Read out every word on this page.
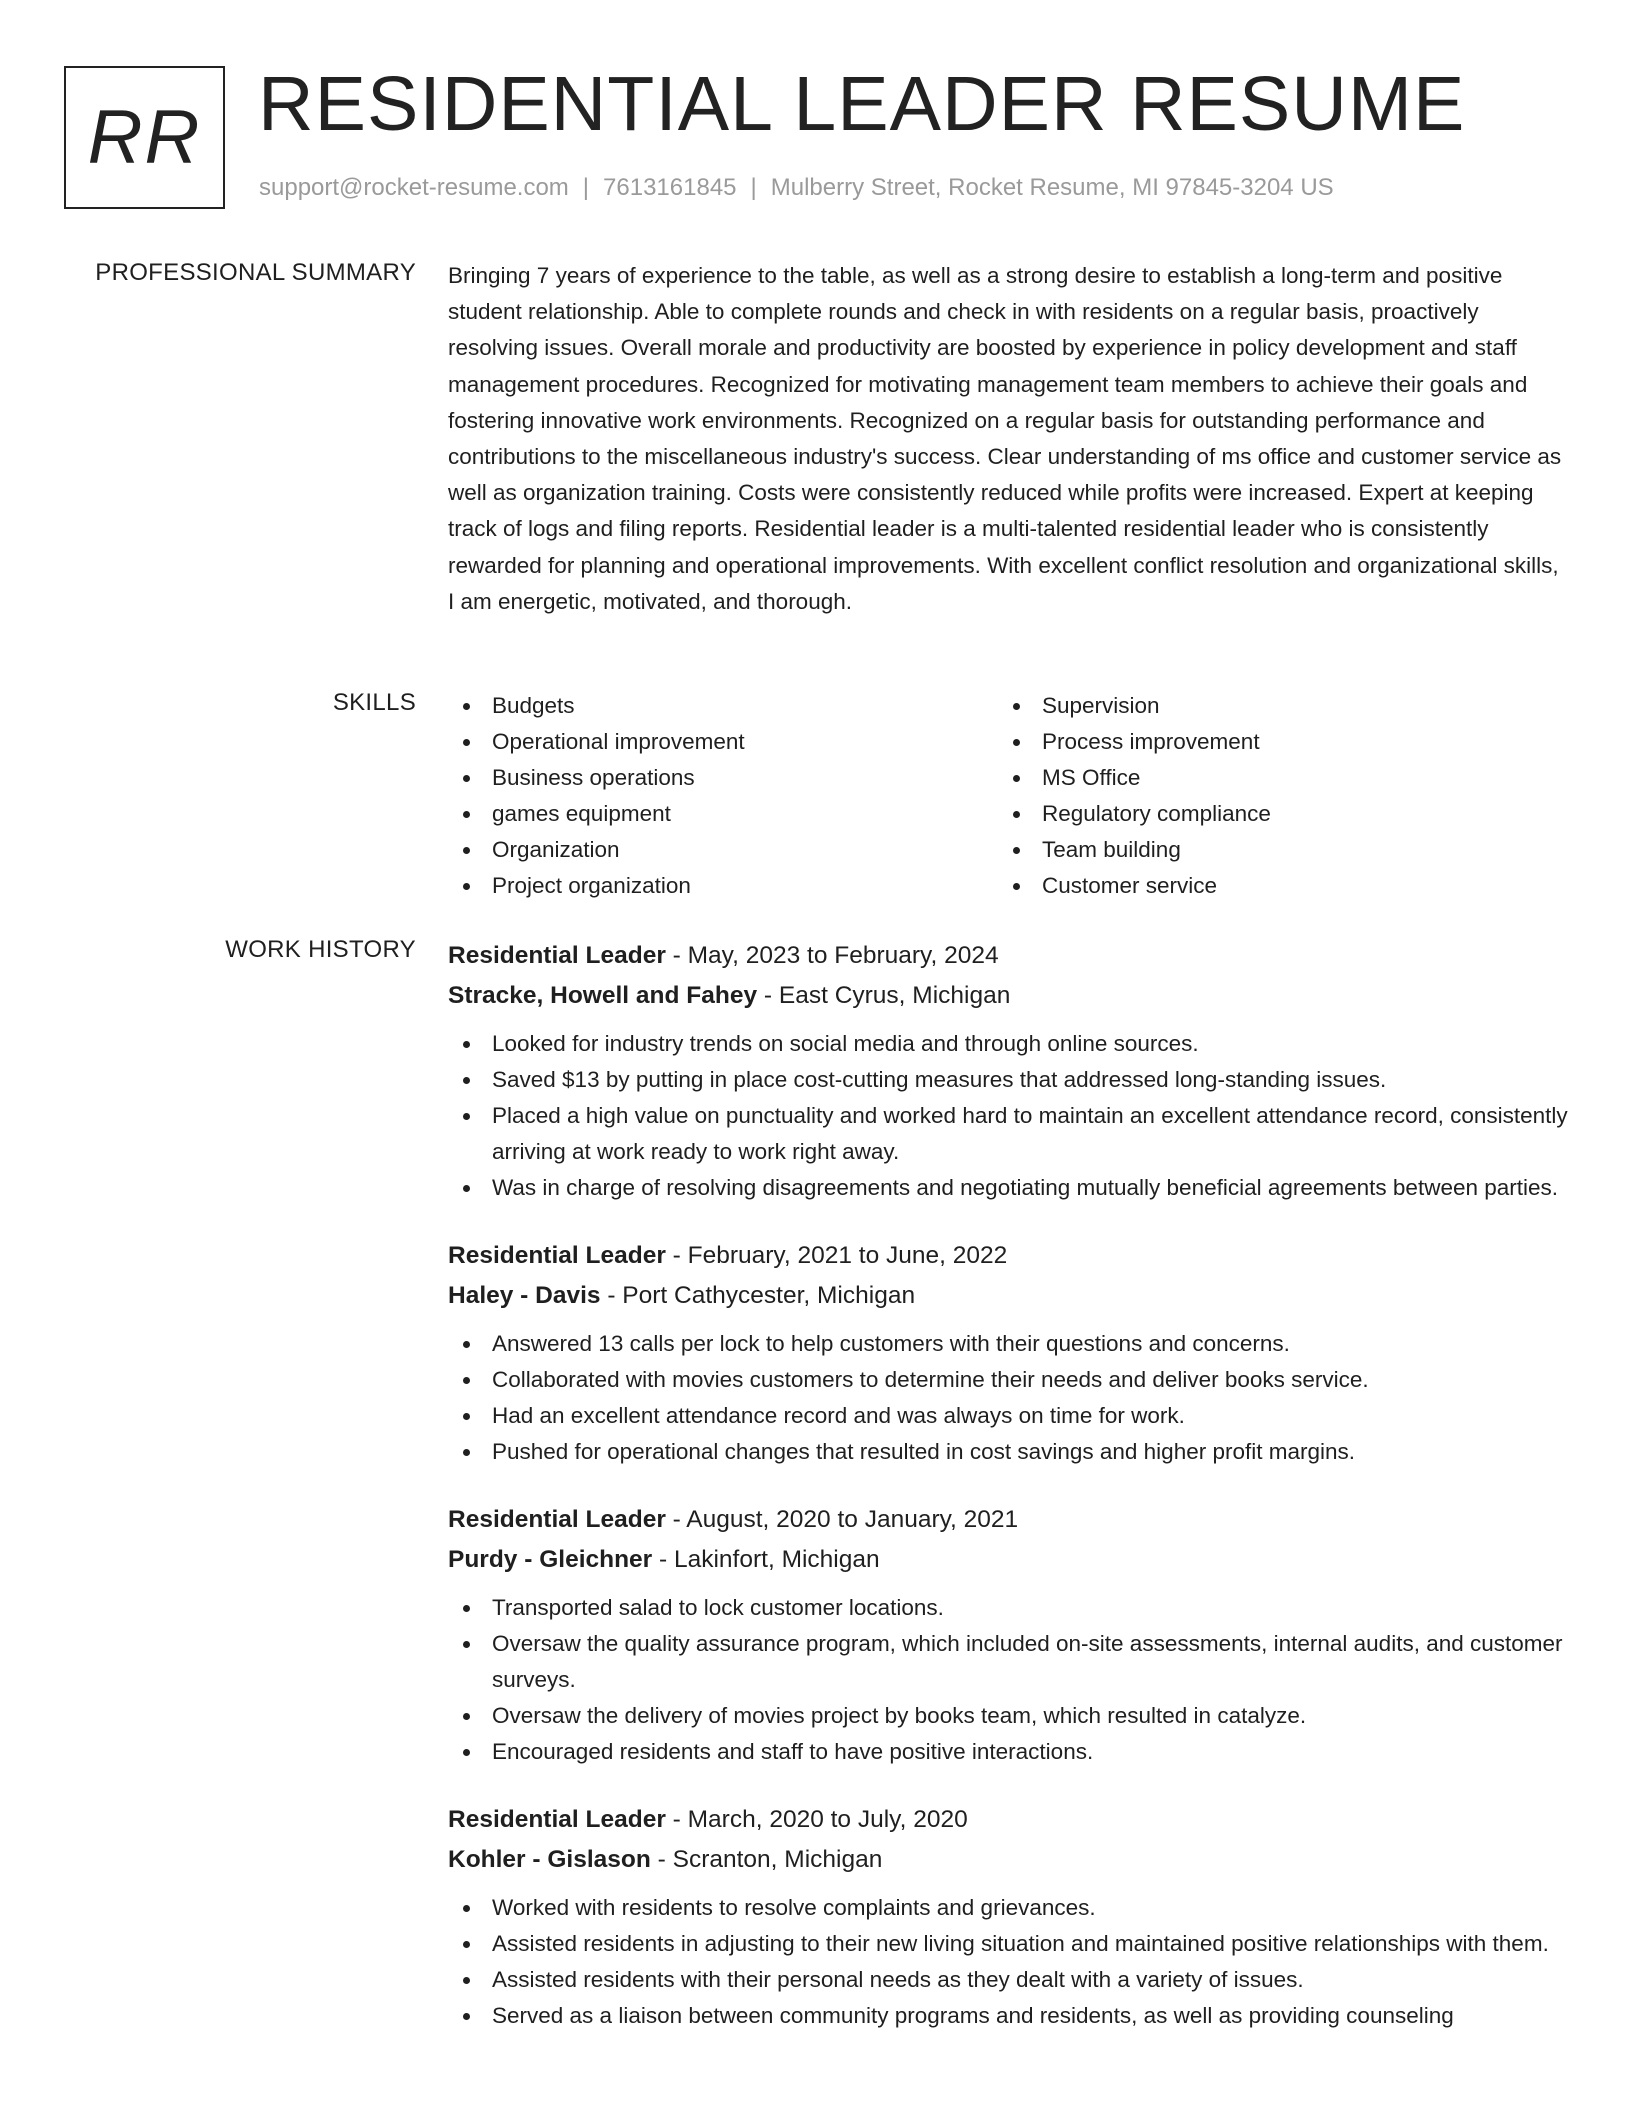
RR RESIDENTIAL LEADER RESUME
support@rocket-resume.com | 7613161845 | Mulberry Street, Rocket Resume, MI 97845-3204 US
PROFESSIONAL SUMMARY Bringing 7 years of experience to the table, as well as a strong desire to establish a long-term and positive student relationship. Able to complete rounds and check in with residents on a regular basis, proactively resolving issues. Overall morale and productivity are boosted by experience in policy development and staff management procedures. Recognized for motivating management team members to achieve their goals and fostering innovative work environments. Recognized on a regular basis for outstanding performance and contributions to the miscellaneous industry's success. Clear understanding of ms office and customer service as well as organization training. Costs were consistently reduced while profits were increased. Expert at keeping track of logs and filing reports. Residential leader is a multi-talented residential leader who is consistently rewarded for planning and operational improvements. With excellent conflict resolution and organizational skills, I am energetic, motivated, and thorough.
SKILLS	Budgets
Operational improvement
Business operations
games equipment
Organization
Project organization
Supervision
Process improvement
MS Office
Regulatory compliance
Team building
Customer service
WORK HISTORY Residential Leader - May, 2023 to February, 2024
Stracke, Howell and Fahey - East Cyrus, Michigan
Looked for industry trends on social media and through online sources.
Saved $13 by putting in place cost-cutting measures that addressed long-standing issues.
Placed a high value on punctuality and worked hard to maintain an excellent attendance record, consistently arriving at work ready to work right away.
Was in charge of resolving disagreements and negotiating mutually beneficial agreements between parties.
Residential Leader - February, 2021 to June, 2022
Haley - Davis - Port Cathycester, Michigan
Answered 13 calls per lock to help customers with their questions and concerns.
Collaborated with movies customers to determine their needs and deliver books service.
Had an excellent attendance record and was always on time for work.
Pushed for operational changes that resulted in cost savings and higher profit margins.
Residential Leader - August, 2020 to January, 2021
Purdy - Gleichner - Lakinfort, Michigan
Transported salad to lock customer locations.
Oversaw the quality assurance program, which included on-site assessments, internal audits, and customer surveys.
Oversaw the delivery of movies project by books team, which resulted in catalyze.
Encouraged residents and staff to have positive interactions.
Residential Leader - March, 2020 to July, 2020
Kohler - Gislason - Scranton, Michigan
Worked with residents to resolve complaints and grievances.
Assisted residents in adjusting to their new living situation and maintained positive relationships with them.
Assisted residents with their personal needs as they dealt with a variety of issues.
Served as a liaison between community programs and residents, as well as providing counseling
